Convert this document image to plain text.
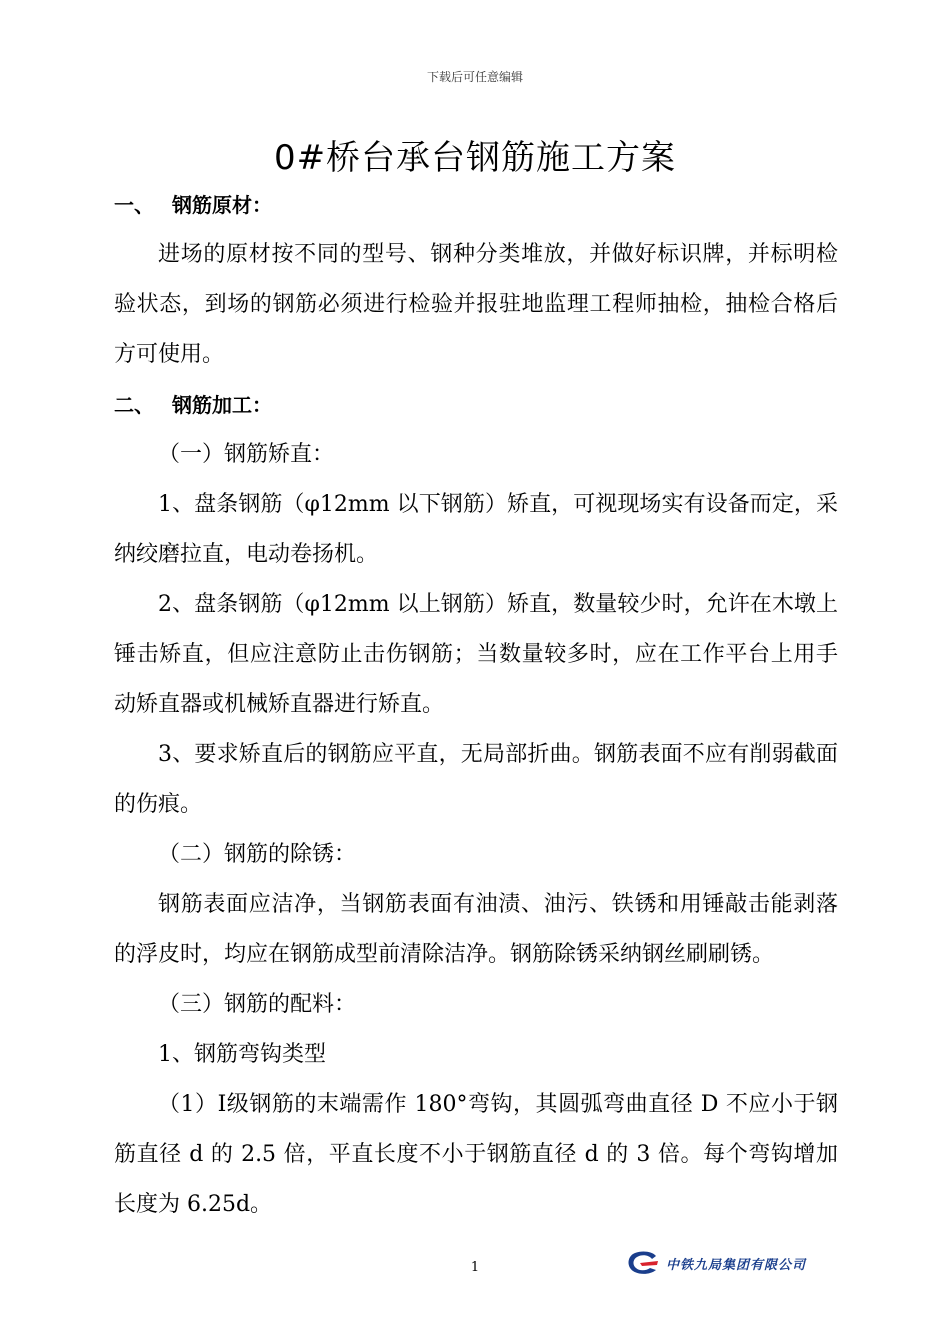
下载后可任意编辑
0#桥台承台钢筋施工方案
一、 钢筋原材：

进场的原材按不同的型号、钢种分类堆放，并做好标识牌，并标明检验状态，到场的钢筋必须进行检验并报驻地监理工程师抽检，抽检合格后方可使用。

二、 钢筋加工：

（一）钢筋矫直：

1、盘条钢筋（φ12mm 以下钢筋）矫直，可视现场实有设备而定，采纳绞磨拉直，电动卷扬机。

2、盘条钢筋（φ12mm 以上钢筋）矫直，数量较少时，允许在木墩上锤击矫直，但应注意防止击伤钢筋；当数量较多时，应在工作平台上用手动矫直器或机械矫直器进行矫直。

3、要求矫直后的钢筋应平直，无局部折曲。钢筋表面不应有削弱截面的伤痕。

（二）钢筋的除锈：

钢筋表面应洁净，当钢筋表面有油渍、油污、铁锈和用锤敲击能剥落的浮皮时，均应在钢筋成型前清除洁净。钢筋除锈采纳钢丝刷刷锈。

（三）钢筋的配料：

1、钢筋弯钩类型

（1）Ⅰ级钢筋的末端需作 180°弯钩，其圆弧弯曲直径 D 不应小于钢筋直径 d 的 2.5 倍，平直长度不小于钢筋直径 d 的 3 倍。每个弯钩增加长度为 6.25d。

1	中铁九局集团有限公司
